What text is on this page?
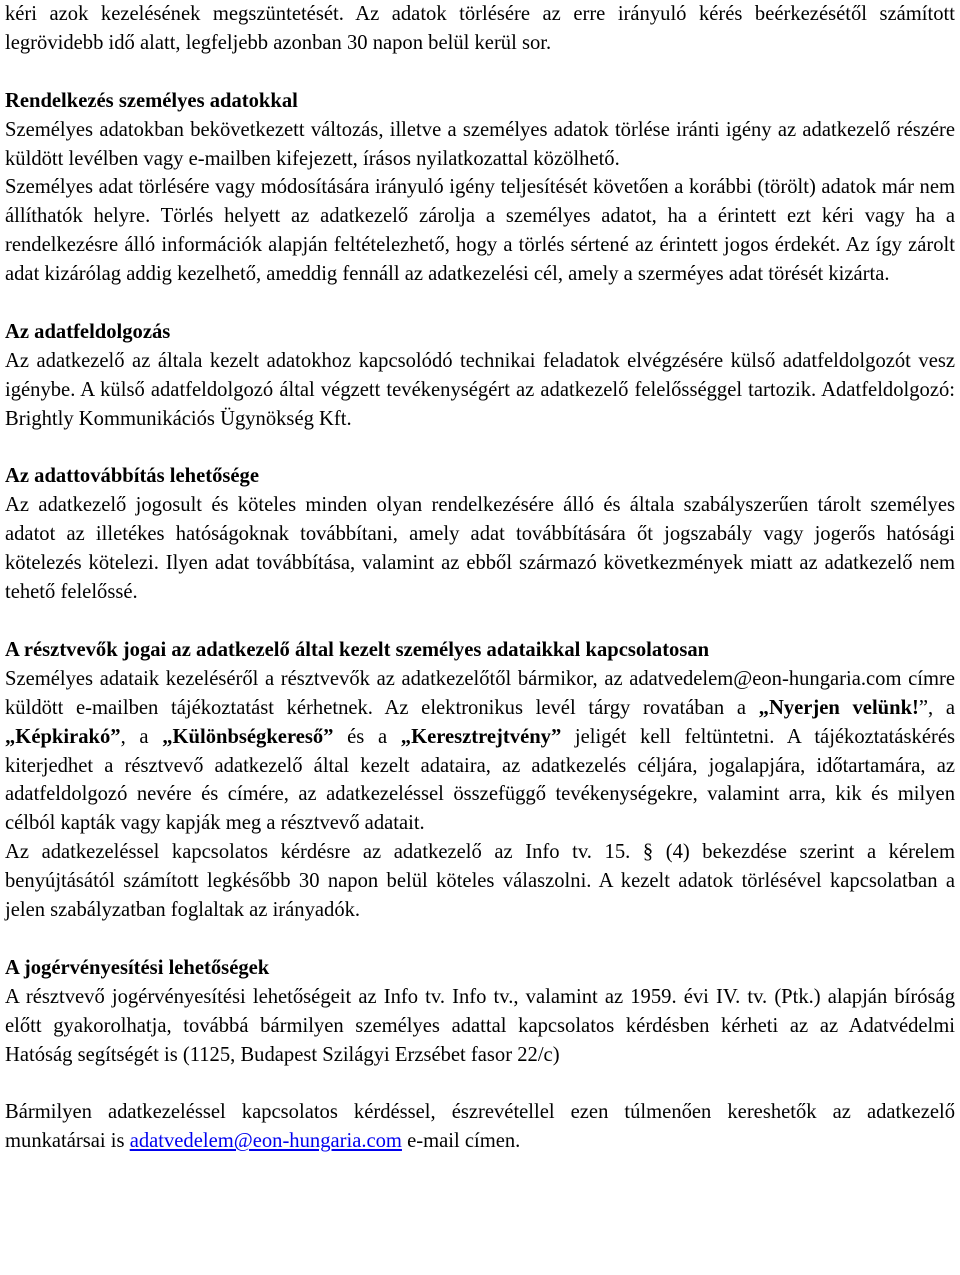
kéri azok kezelésének megszüntetését. Az adatok törlésére az erre irányuló kérés beérkezésétől számított legrövidebb idő alatt, legfeljebb azonban 30 napon belül kerül sor.

Rendelkezés személyes adatokkal

Személyes adatokban bekövetkezett változás, illetve a személyes adatok törlése iránti igény az adatkezelő részére küldött levélben vagy e-mailben kifejezett, írásos nyilatkozattal közölhető.

Személyes adat törlésére vagy módosítására irányuló igény teljesítését követően a korábbi (törölt) adatok már nem állíthatók helyre. Törlés helyett az adatkezelő zárolja a személyes adatot, ha a érintett ezt kéri vagy ha a rendelkezésre álló információk alapján feltételezhető, hogy a törlés sértené az érintett jogos érdekét. Az így zárolt adat kizárólag addig kezelhető, ameddig fennáll az adatkezelési cél, amely a szerméyes adat törését kizárta.

Az adatfeldolgozás

Az adatkezelő az általa kezelt adatokhoz kapcsolódó technikai feladatok elvégzésére külső adatfeldolgozót vesz igénybe. A külső adatfeldolgozó által végzett tevékenységért az adatkezelő felelősséggel tartozik. Adatfeldolgozó: Brightly Kommunikációs Ügynökség Kft.

Az adattovábbítás lehetősége

Az adatkezelő jogosult és köteles minden olyan rendelkezésére álló és általa szabályszerűen tárolt személyes adatot az illetékes hatóságoknak továbbítani, amely adat továbbítására őt jogszabály vagy jogerős hatósági kötelezés kötelezi. Ilyen adat továbbítása, valamint az ebből származó következmények miatt az adatkezelő nem tehető felelőssé.

A résztvevők jogai az adatkezelő által kezelt személyes adataikkal kapcsolatosan

Személyes adataik kezeléséről a résztvevők az adatkezelőtől bármikor, az adatvedelem@eon-hungaria.com címre küldött e-mailben tájékoztatást kérhetnek. Az elektronikus levél tárgy rovatában a „Nyerjen velünk!”, a „Képkirakó”, a „Különbségkereső” és a „Keresztrejtvény” jeligét kell feltüntetni. A tájékoztatáskérés kiterjedhet a résztvevő adatkezelő által kezelt adataira, az adatkezelés céljára, jogalapjára, időtartamára, az adatfeldolgozó nevére és címére, az adatkezeléssel összefüggő tevékenységekre, valamint arra, kik és milyen célból kapták vagy kapják meg a résztvevő adatait.

Az adatkezeléssel kapcsolatos kérdésre az adatkezelő az Info tv. 15. § (4) bekezdése szerint a kérelem benyújtásától számított legkésőbb 30 napon belül köteles válaszolni. A kezelt adatok törlésével kapcsolatban a jelen szabályzatban foglaltak az irányadók.

A jogérvényesítési lehetőségek

A résztvevő jogérvényesítési lehetőségeit az Info tv. Info tv., valamint az 1959. évi IV. tv. (Ptk.) alapján bíróság előtt gyakorolhatja, továbbá bármilyen személyes adattal kapcsolatos kérdésben kérheti az az Adatvédelmi Hatóság segítségét is (1125, Budapest Szilágyi Erzsébet fasor 22/c)

Bármilyen adatkezeléssel kapcsolatos kérdéssel, észrevétellel ezen túlmenően kereshetők az adatkezelő munkatársai is adatvedelem@eon-hungaria.com e-mail címen.
